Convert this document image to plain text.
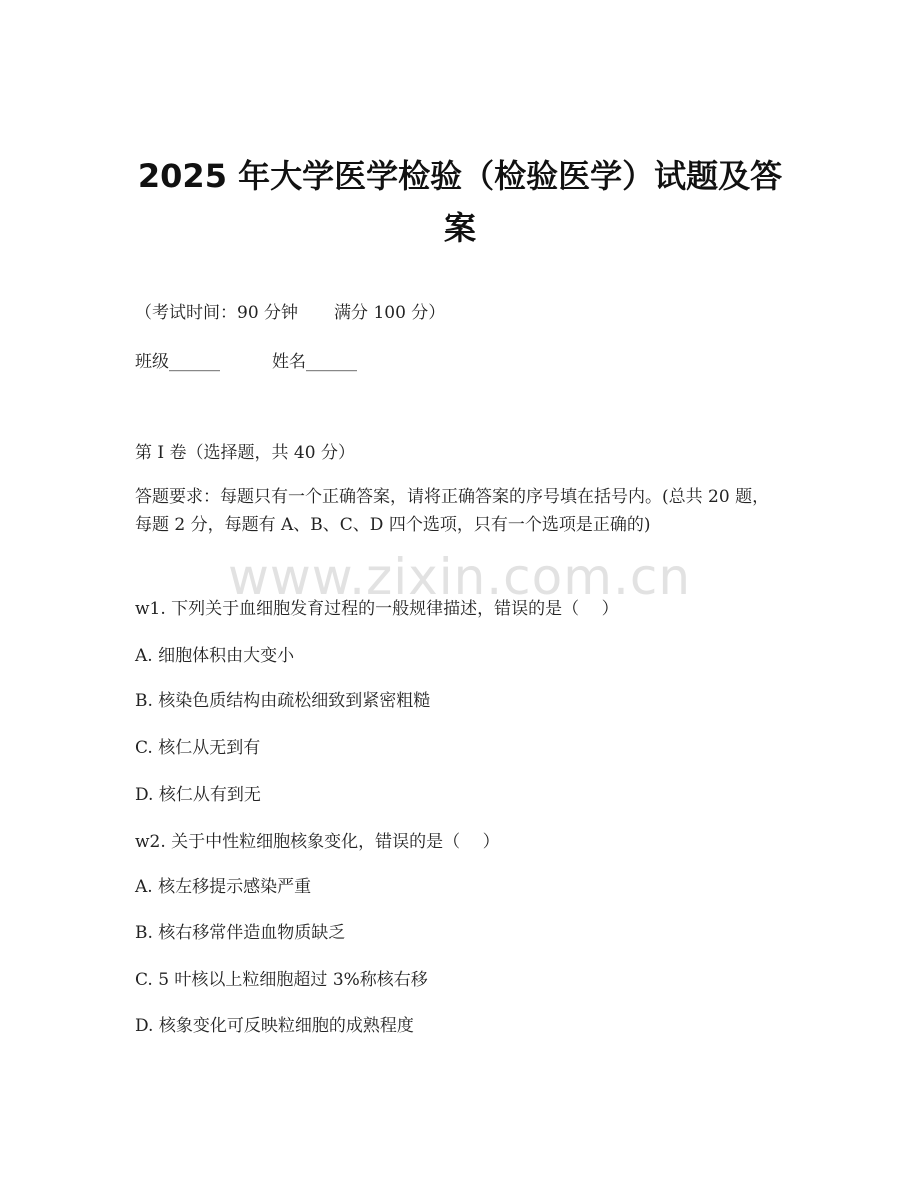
2025 年大学医学检验（检验医学）试题及答
案
（考试时间：90 分钟 满分 100 分）
班级______	姓名______
第 I 卷（选择题，共 40 分）
答题要求：每题只有一个正确答案，请将正确答案的序号填在括号内。(总共 20 题，每题 2 分，每题有 A、B、C、D 四个选项，只有一个选项是正确的)
w1. 下列关于血细胞发育过程的一般规律描述，错误的是（　 ）
A. 细胞体积由大变小
B. 核染色质结构由疏松细致到紧密粗糙
C. 核仁从无到有
D. 核仁从有到无
w2. 关于中性粒细胞核象变化，错误的是（　 ）
A. 核左移提示感染严重
B. 核右移常伴造血物质缺乏
C. 5 叶核以上粒细胞超过 3%称核右移
D. 核象变化可反映粒细胞的成熟程度
www.zixin.com.cn
